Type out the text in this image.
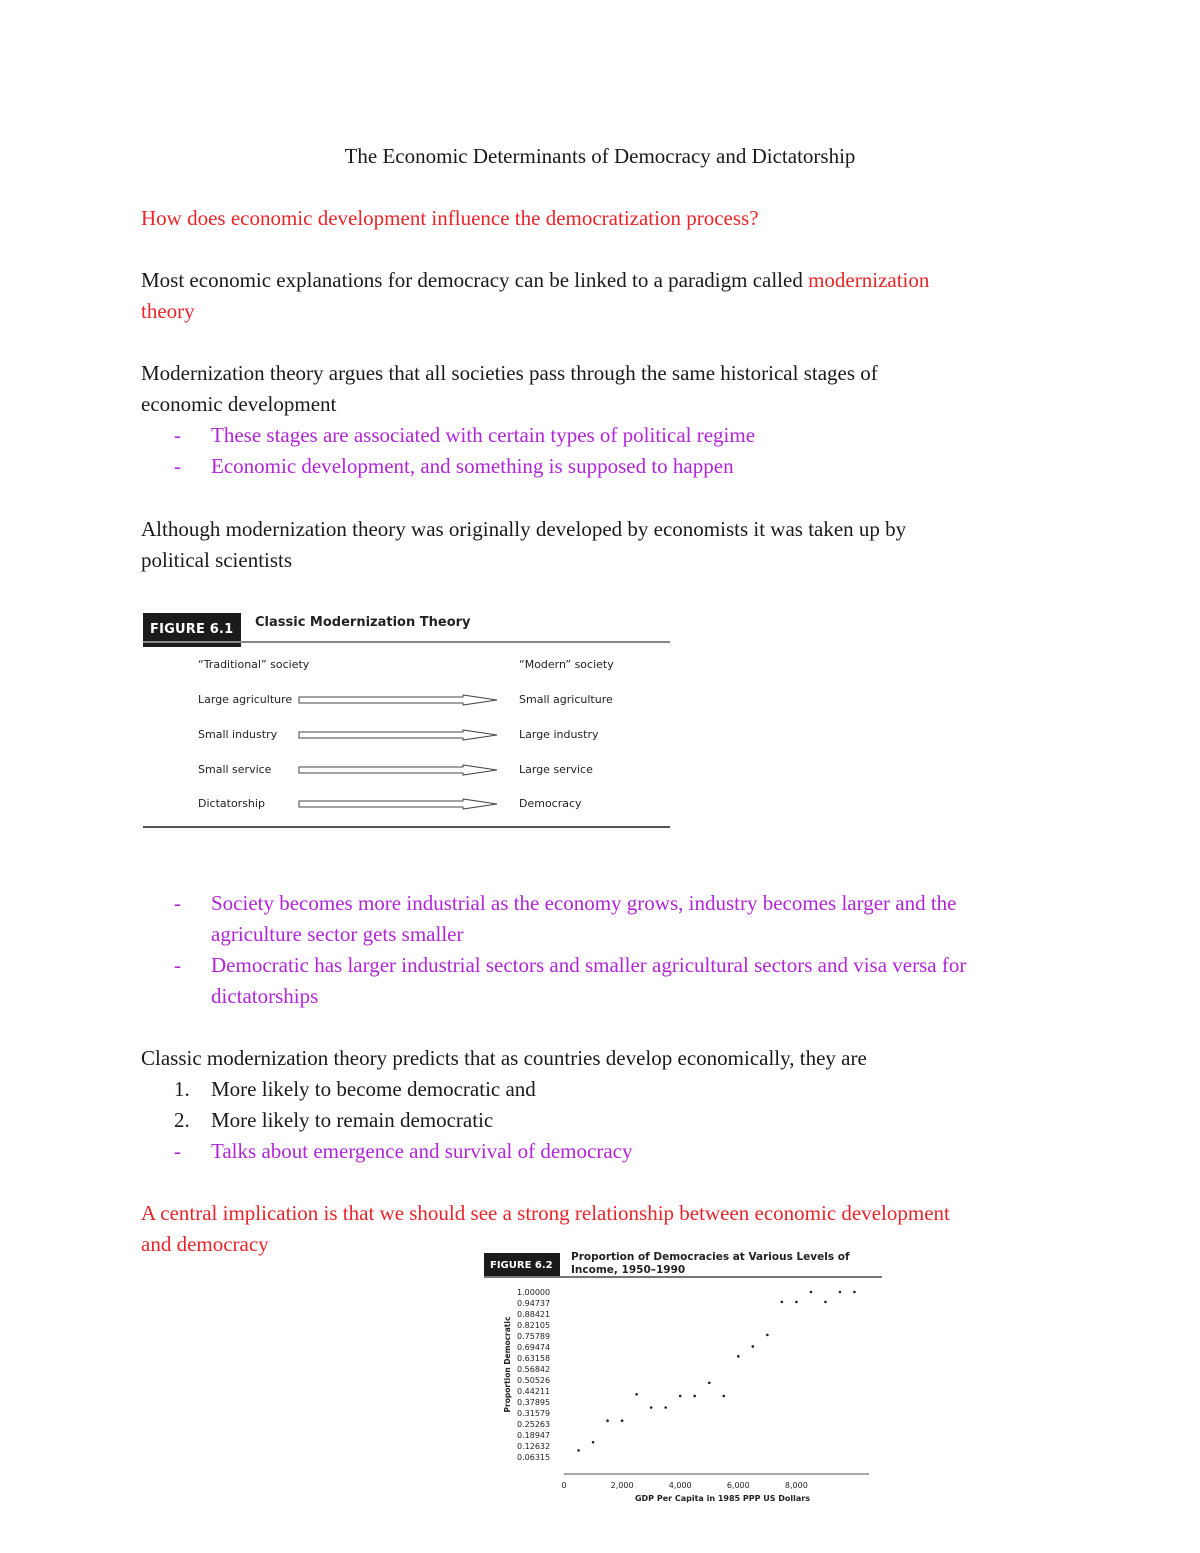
The Economic Determinants of Democracy and Dictatorship
How does economic development influence the democratization process?
Most economic explanations for democracy can be linked to a paradigm called modernization
theory
Modernization theory argues that all societies pass through the same historical stages of
economic development
- These stages are associated with certain types of political regime
- Economic development, and something is supposed to happen
Although modernization theory was originally developed by economists it was taken up by
political scientists
FIGURE 6.1	Classic Modernization Theory
“Traditional” society	“Modern” society
Large agriculture	Small agriculture
Small industry	Large industry
Small service	Large service
Dictatorship	Democracy
- Society becomes more industrial as the economy grows, industry becomes larger and the
agriculture sector gets smaller
- Democratic has larger industrial sectors and smaller agricultural sectors and visa versa for
dictatorships
Classic modernization theory predicts that as countries develop economically, they are
1. More likely to become democratic and
2. More likely to remain democratic
- Talks about emergence and survival of democracy
A central implication is that we should see a strong relationship between economic development
and democracy
FIGURE 6.2
Proportion of Democracies at Various Levels of
Income, 1950–1990
1.00000
0.94737
0.88421
0.82105
0.75789
0.69474
0.63158
0.56842
0.50526
0.44211
0.37895
0.31579
0.25263
0.18947
0.12632
0.06315
Proportion Democratic
0	2,000	4,000	6,000	8,000
GDP Per Capita in 1985 PPP US Dollars
